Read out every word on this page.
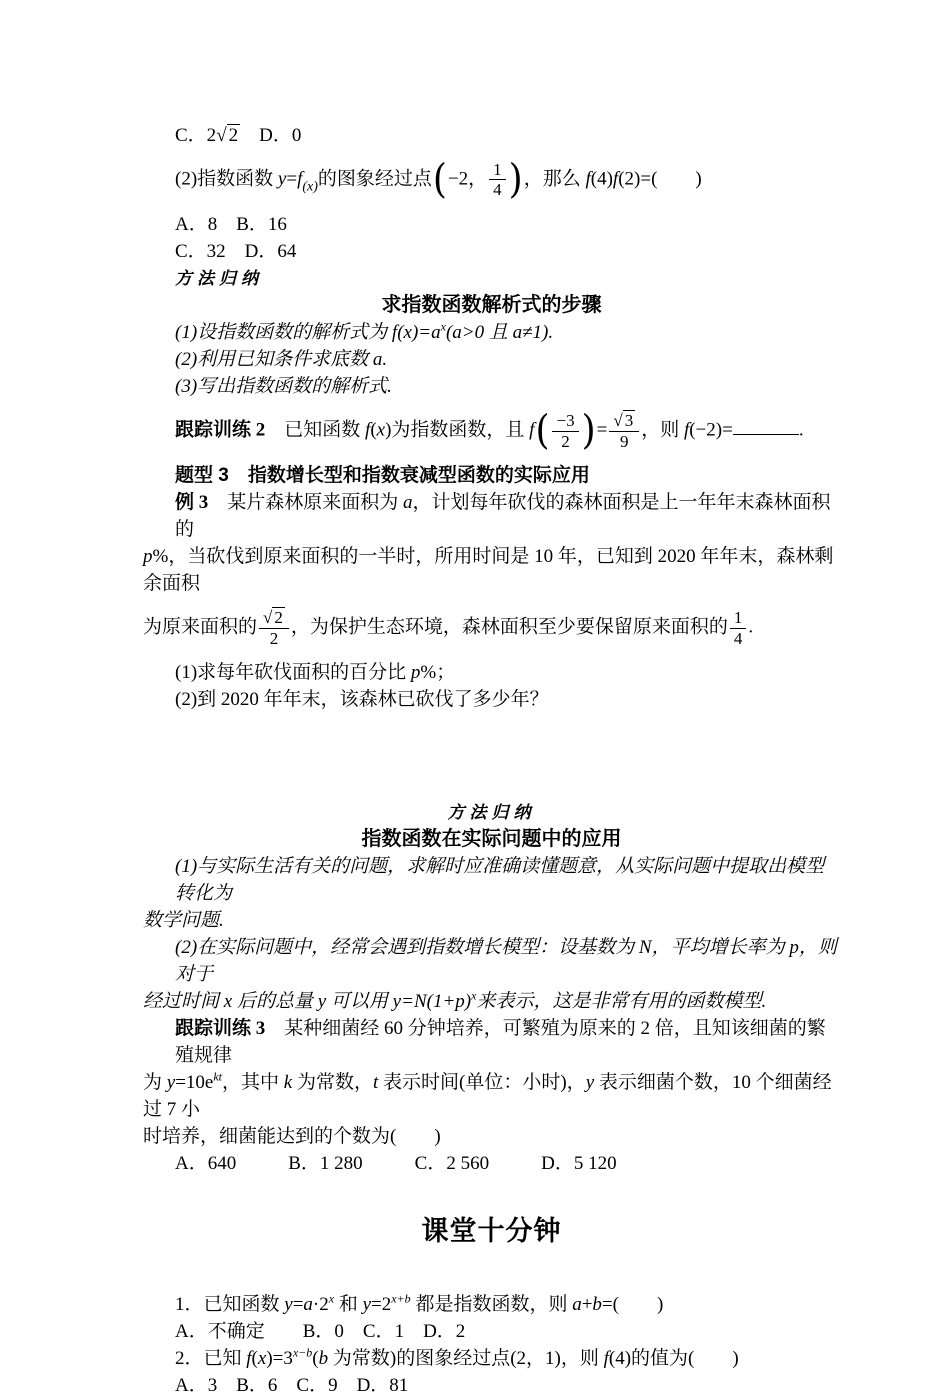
C．2√ 2　D．0
(2)指数函数 $y=f_{(x)}$的图象经过点(−2， $\frac{1}{4}$ )，那么 f(4)f(2)=(　　)
A．8　B．16
C．32　D．64
方法归纳
求指数函数解析式的步骤
(1)设指数函数的解析式为 $f(x)=a^x(a>0$ 且 a≠1).
(2)利用已知条件求底数 a.
(3)写出指数函数的解析式.
跟踪训练 2　已知函数 f(x)为指数函数，且 $f( \frac{-3}{2}$ )= $\frac{√ 3}{9}$ ，则 f(−2)=	.
题型 3　指数增长型和指数衰减型函数的实际应用
例 3　某片森林原来面积为 a，计划每年砍伐的森林面积是上一年年末森林面积的
p%，当砍伐到原来面积的一半时，所用时间是 10 年，已知到 2020 年年末，森林剩余面积
为原来面积的 $\frac{√ 2}{2}$ ，为保护生态环境，森林面积至少要保留原来面积的 $\frac{1}{4}$ .
(1)求每年砍伐面积的百分比 p%；
(2)到 2020 年年末，该森林已砍伐了多少年？
方法归纳
指数函数在实际问题中的应用
(1)与实际生活有关的问题，求解时应准确读懂题意，从实际问题中提取出模型转化为
数学问题.
(2)在实际问题中，经常会遇到指数增长模型：设基数为 N，平均增长率为 p，则对于
经过时间 x 后的总量 y 可以用 $y=N(1+p)^x$来表示，这是非常有用的函数模型.
跟踪训练 3　某种细菌经 60 分钟培养，可繁殖为原来的 2 倍，且知该细菌的繁殖规律
为 $y=10e^{kt}$，其中 k 为常数，t 表示时间(单位：小时)，y 表示细菌个数，10 个细菌经过 7 小
时培养，细菌能达到的个数为(　　)
A．640	B．1 280	C．2 560	D．5 120
课堂十分钟
1．已知函数 $y=a\cdot 2^x$ 和 $y=2^{x+b}$ 都是指数函数，则 a+b=(　　)
A．不确定　　B．0　C．1　D．2
2．已知 $f(x)=3^{x-b}(b$ 为常数)的图象经过点(2，1)，则 f(4)的值为(　　)
A．3　B．6　C．9　D．81
